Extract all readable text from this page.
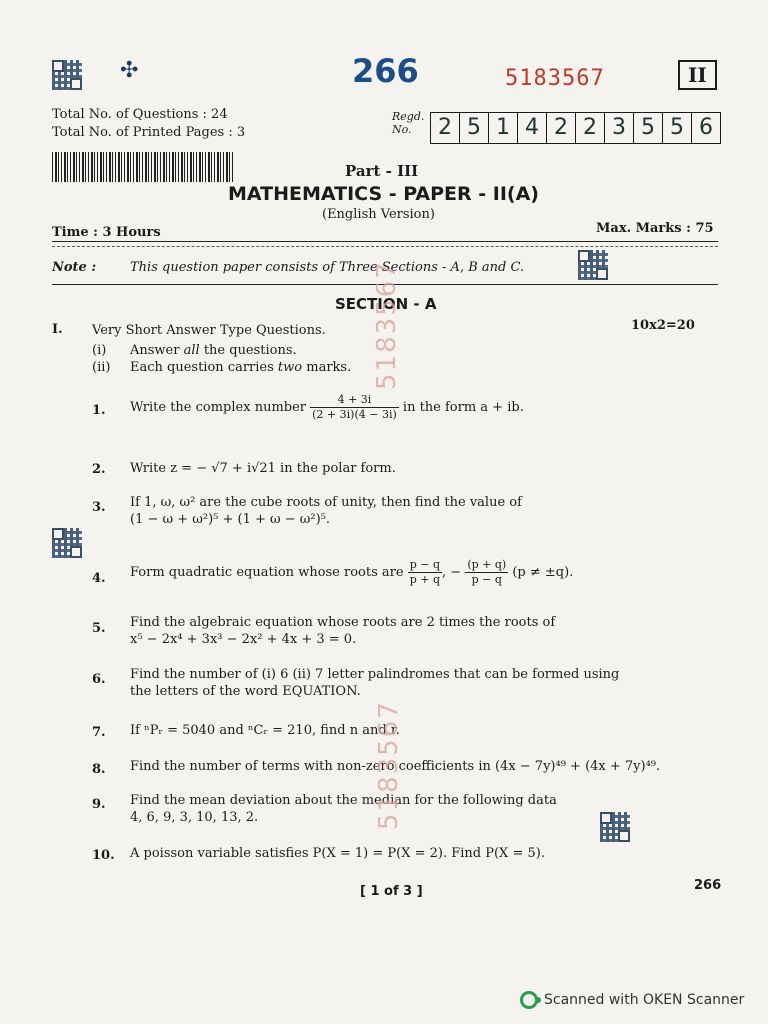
✣	266	5183567	II
Total No. of Questions : 24
Total No. of Printed Pages : 3
Regd.
No.	2 5 1 4 2 2 3 5 5 6
Part - III
MATHEMATICS - PAPER - II(A)
(English Version)
Time : 3 Hours	Max. Marks : 75
Note :	This question paper consists of Three Sections - A, B and C.
SECTION - A
I. Very Short Answer Type Questions.	10x2=20
(i) Answer all the questions.
(ii) Each question carries two marks.
1. Write the complex number $\frac{4 + 3i}{(2 + 3i)(4 - 3i)}$ in the form a + ib.
2. Write z = − √7 + i√21 in the polar form.
3. If 1, ω, ω² are the cube roots of unity, then find the value of
(1 − ω + ω²)⁵ + (1 + ω − ω²)⁵.
4. Form quadratic equation whose roots are $\frac{p - q}{p + q}$ , − $\frac{(p + q)}{p - q} (p \ne \pm q)$.
5. Find the algebraic equation whose roots are 2 times the roots of
x⁵ − 2x⁴ + 3x³ − 2x² + 4x + 3 = 0.
6. Find the number of (i) 6 (ii) 7 letter palindromes that can be formed using
the letters of the word EQUATION.
7. If ⁿPᵣ = 5040 and ⁿCᵣ = 210, find n and r.
8. Find the number of terms with non-zero coefficients in (4x − 7y)⁴⁹ + (4x + 7y)⁴⁹.
9. Find the mean deviation about the median for the following data
4, 6, 9, 3, 10, 13, 2.
10. A poisson variable satisfies P(X = 1) = P(X = 2). Find P(X = 5).
5183567
5183567
[ 1 of 3 ]	266
Scanned with OKEN Scanner
